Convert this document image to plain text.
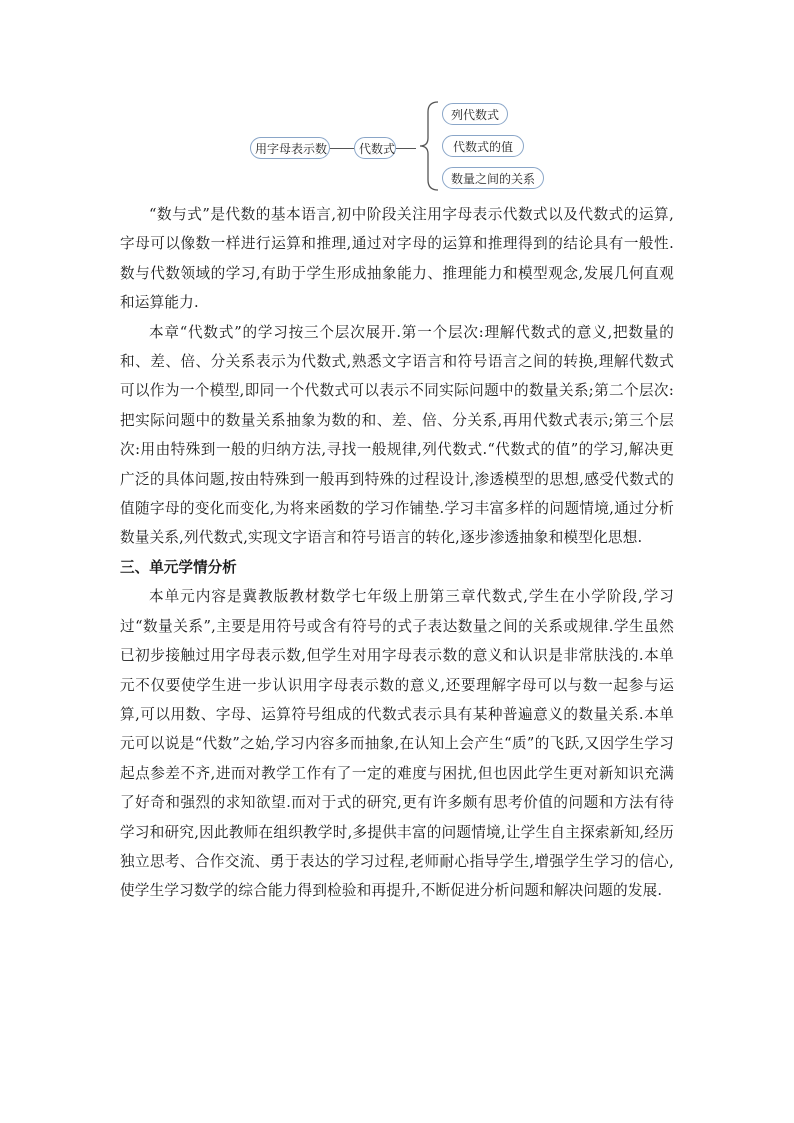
用字母表示数	代数式
列代数式
代数式的值
数量之间的关系

“数与式”是代数的基本语言,初中阶段关注用字母表示代数式以及代数式的运算,字母可以像数一样进行运算和推理,通过对字母的运算和推理得到的结论具有一般性.数与代数领域的学习,有助于学生形成抽象能力、推理能力和模型观念,发展几何直观和运算能力.

本章“代数式”的学习按三个层次展开.第一个层次:理解代数式的意义,把数量的和、差、倍、分关系表示为代数式,熟悉文字语言和符号语言之间的转换,理解代数式可以作为一个模型,即同一个代数式可以表示不同实际问题中的数量关系;第二个层次:把实际问题中的数量关系抽象为数的和、差、倍、分关系,再用代数式表示;第三个层次:用由特殊到一般的归纳方法,寻找一般规律,列代数式.“代数式的值”的学习,解决更广泛的具体问题,按由特殊到一般再到特殊的过程设计,渗透模型的思想,感受代数式的值随字母的变化而变化,为将来函数的学习作铺垫.学习丰富多样的问题情境,通过分析数量关系,列代数式,实现文字语言和符号语言的转化,逐步渗透抽象和模型化思想.

三、单元学情分析

本单元内容是冀教版教材数学七年级上册第三章代数式,学生在小学阶段,学习过“数量关系”,主要是用符号或含有符号的式子表达数量之间的关系或规律.学生虽然已初步接触过用字母表示数,但学生对用字母表示数的意义和认识是非常肤浅的.本单元不仅要使学生进一步认识用字母表示数的意义,还要理解字母可以与数一起参与运算,可以用数、字母、运算符号组成的代数式表示具有某种普遍意义的数量关系.本单元可以说是“代数”之始,学习内容多而抽象,在认知上会产生“质”的飞跃,又因学生学习起点参差不齐,进而对教学工作有了一定的难度与困扰,但也因此学生更对新知识充满了好奇和强烈的求知欲望.而对于式的研究,更有许多颇有思考价值的问题和方法有待学习和研究,因此教师在组织教学时,多提供丰富的问题情境,让学生自主探索新知,经历独立思考、合作交流、勇于表达的学习过程,老师耐心指导学生,增强学生学习的信心,使学生学习数学的综合能力得到检验和再提升,不断促进分析问题和解决问题的发展.
